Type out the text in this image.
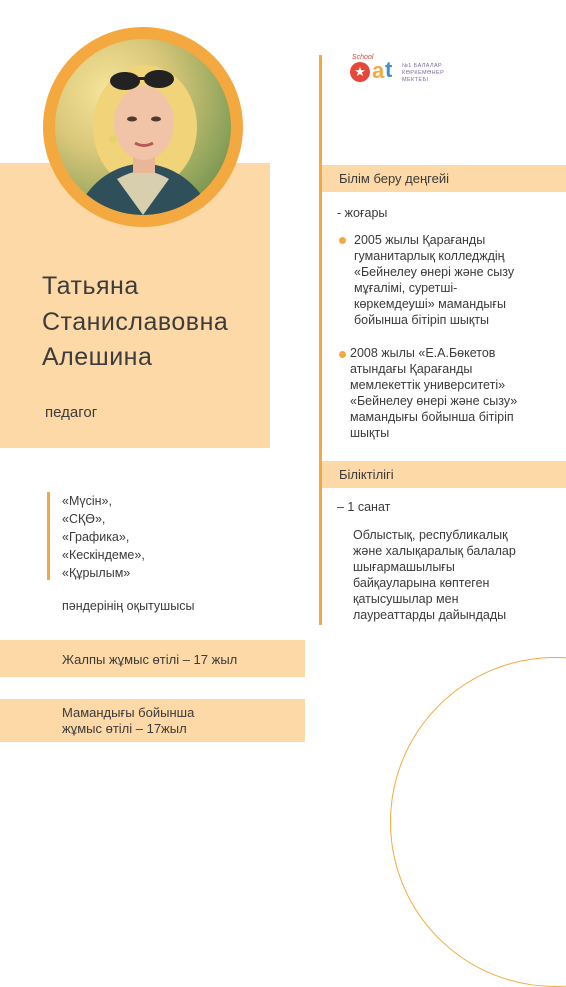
Татьяна
Станиславовна
Алешина
педагог
«Мүсін»,
«СҚӨ»,
«Графика»,
«Кескіндеме»,
«Құрылым»
пәндерінің оқытушысы
Жалпы жұмыс өтілі – 17 жыл
Мамандығы бойынша
жұмыс өтілі – 17жыл
School
★ a t №1 БАЛАЛАР
КӨРКЕМӨНЕР
МЕКТЕБІ
Білім беру деңгейі
- жоғары
2005 жылы Қарағанды
гуманитарлық колледждің
«Бейнелеу өнері және сызу
мұғалімі, суретші-
көркемдеуші» мамандығы
бойынша бітіріп шықты
2008 жылы «Е.А.Бөкетов
атындағы Қарағанды
мемлекеттік университеті»
«Бейнелеу өнері және сызу»
мамандығы бойынша бітіріп
шықты
Біліктілігі
– 1 санат
Облыстық, республикалық
және халықаралық балалар
шығармашылығы
байқауларына көптеген
қатысушылар мен
лауреаттарды дайындады
